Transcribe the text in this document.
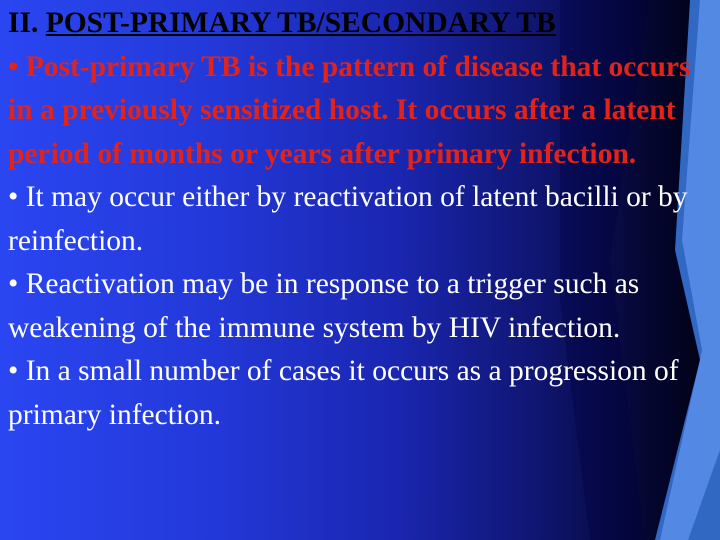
II. POST-PRIMARY TB/SECONDARY TB

• Post-primary TB is the pattern of disease that occurs in a previously sensitized host. It occurs after a latent period of months or years after primary infection.

• It may occur either by reactivation of latent bacilli or by reinfection.

• Reactivation may be in response to a trigger such as weakening of the immune system by HIV infection.

• In a small number of cases it occurs as a progression of primary infection.
